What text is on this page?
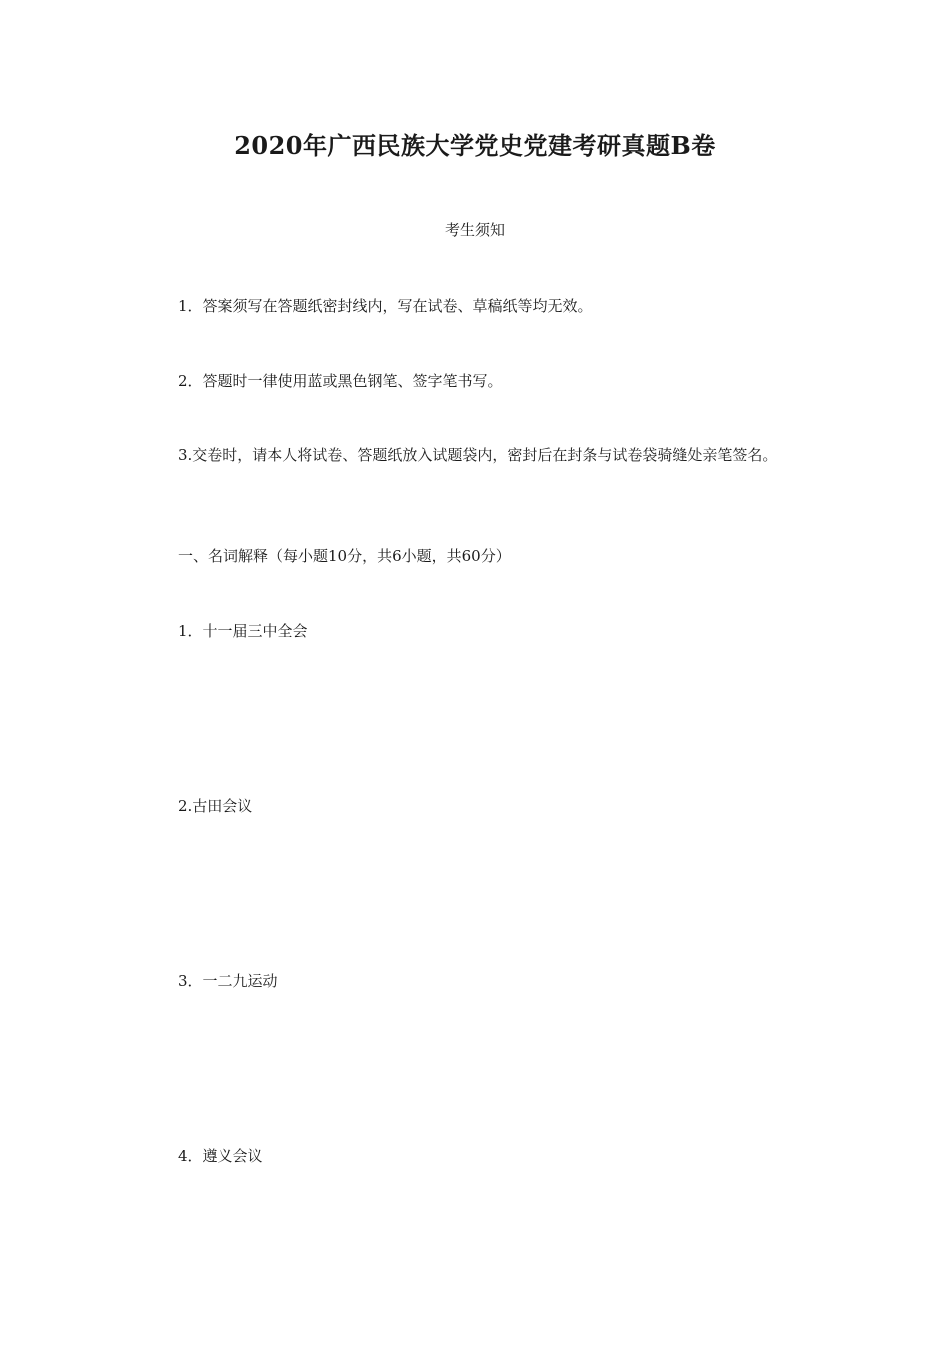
2020年广西民族大学党史党建考研真题B卷
考生须知
1．答案须写在答题纸密封线内，写在试卷、草稿纸等均无效。
2．答题时一律使用蓝或黑色钢笔、签字笔书写。
3.交卷时，请本人将试卷、答题纸放入试题袋内，密封后在封条与试卷袋骑缝处亲笔签名。
一、名词解释（每小题10分，共6小题，共60分）
1．十一届三中全会
2.古田会议
3．一二九运动
4．遵义会议
